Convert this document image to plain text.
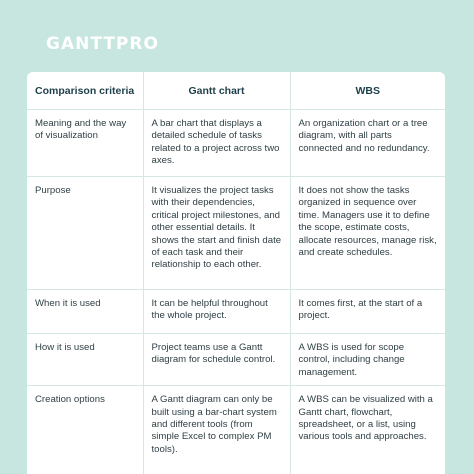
GANTTPRO
Comparison criteria	Gantt chart	WBS
Meaning and the way of visualization	A bar chart that displays a detailed schedule of tasks related to a project across two axes.	An organization chart or a tree diagram, with all parts connected and no redundancy.
Purpose	It visualizes the project tasks with their dependencies, critical project milestones, and other essential details. It shows the start and finish date of each task and their relationship to each other.	It does not show the tasks organized in sequence over time. Managers use it to define the scope, estimate costs, allocate resources, manage risk, and create schedules.
When it is used	It can be helpful throughout the whole project.	It comes first, at the start of a project.
How it is used	Project teams use a Gantt diagram for schedule control.	A WBS is used for scope control, including change management.
Creation options	A Gantt diagram can only be built using a bar-chart system and different tools (from simple Excel to complex PM tools).	A WBS can be visualized with a Gantt chart, flowchart, spreadsheet, or a list, using various tools and approaches.
